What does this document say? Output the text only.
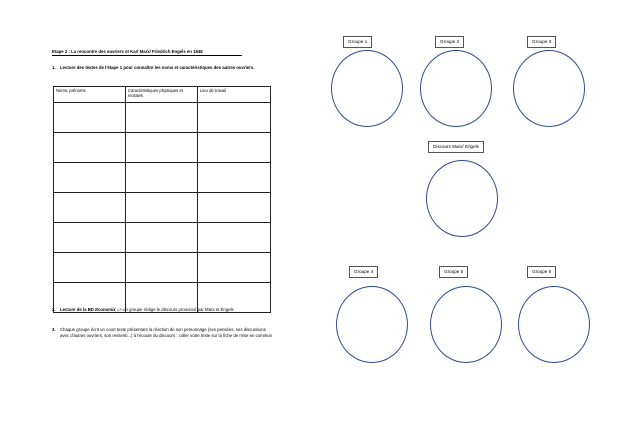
Etape 2 : La rencontre des ouvriers et Karl Marx/ Friedrich Engels en 1848
1. Lecture des textes de l'étape 1 pour connaître les noms et caractéristiques des autres ouvriers.
Noms, prénoms	Caractéristiques physiques et morales	Lieu de travail

2. Lecture de la BD Economix => un groupe rédige le discours prononcé par Marx et Engels
3. Chaque groupe écrit un court texte présentant la réaction de son personnage (ses pensées, ses discussions avec d'autres ouvriers, son ressenti...) à l'écoute du discours : coller votre texte sur la fiche de mise en commun
Groupe 1	Groupe 2	Groupe 3
Discours Marx/ Engels
Groupe 4	Groupe 5	Groupe 6
